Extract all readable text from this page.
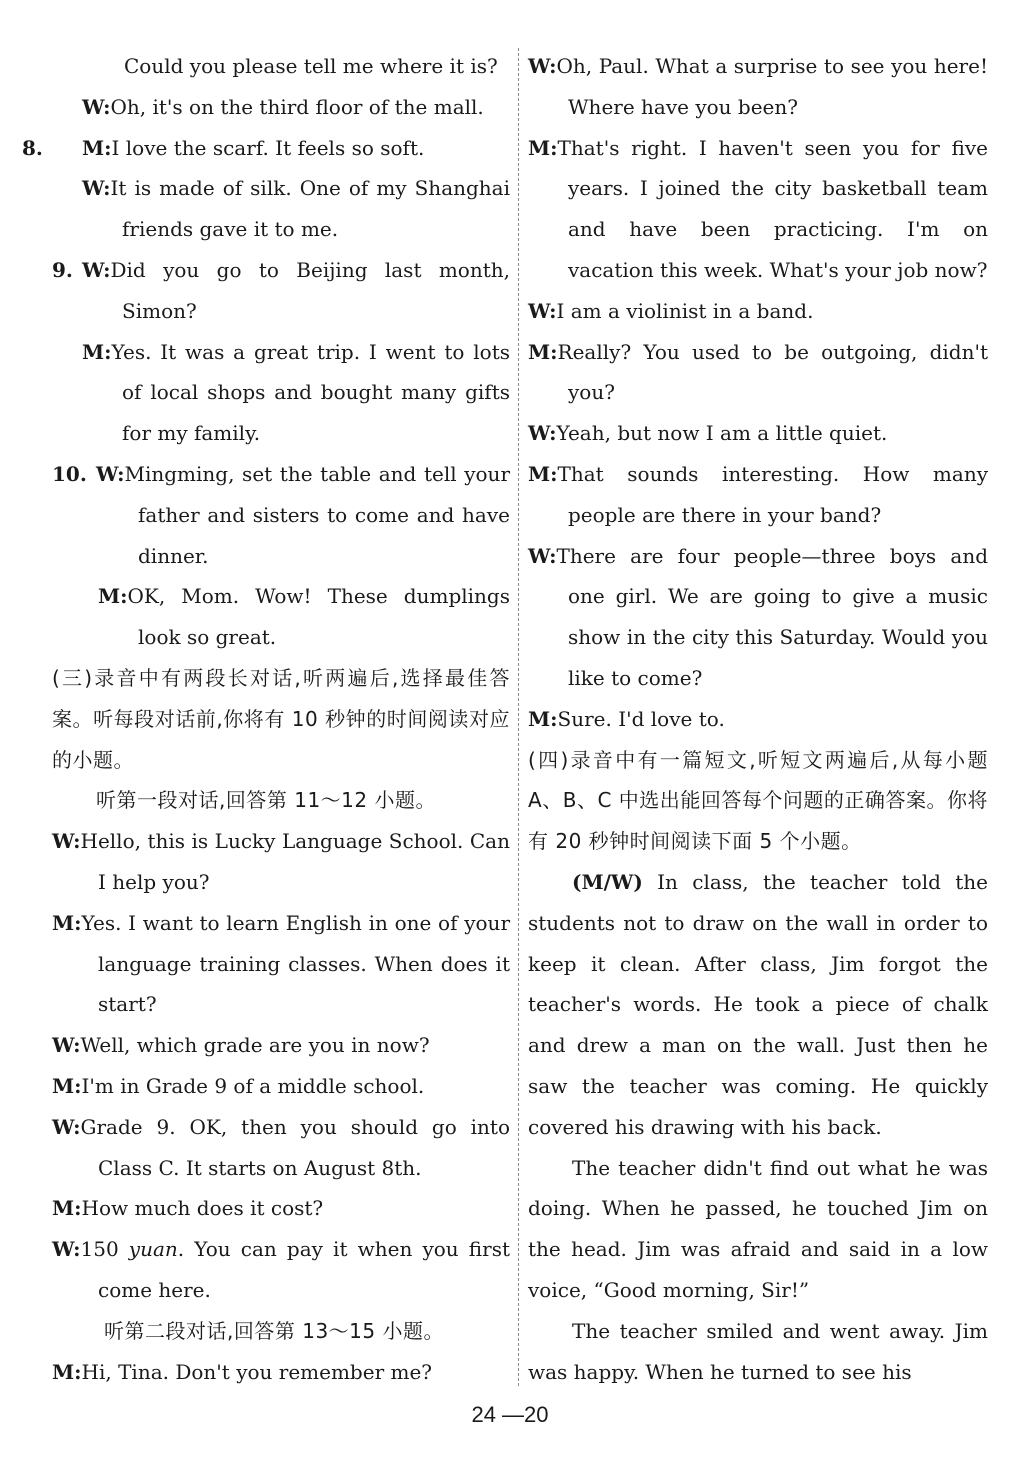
Could you please tell me where it is?

W:Oh, it's on the third floor of the mall.

8. M:I love the scarf. It feels so soft.

W:It is made of silk. One of my Shanghai friends gave it to me.

9. W:Did you go to Beijing last month, Simon?

M:Yes. It was a great trip. I went to lots of local shops and bought many gifts for my family.

10. W:Mingming, set the table and tell your father and sisters to come and have dinner.

M:OK, Mom. Wow! These dumplings look so great.

(三)录音中有两段长对话,听两遍后,选择最佳答案。听每段对话前,你将有 10 秒钟的时间阅读对应的小题。

听第一段对话,回答第 11～12 小题。

W:Hello, this is Lucky Language School. Can I help you?

M:Yes. I want to learn English in one of your language training classes. When does it start?

W:Well, which grade are you in now?

M:I'm in Grade 9 of a middle school.

W:Grade 9. OK, then you should go into Class C. It starts on August 8th.

M:How much does it cost?

W:150 yuan. You can pay it when you first come here.

听第二段对话,回答第 13～15 小题。

M:Hi, Tina. Don't you remember me?

W:Oh, Paul. What a surprise to see you here! Where have you been?

M:That's right. I haven't seen you for five years. I joined the city basketball team and have been practicing. I'm on vacation this week. What's your job now?

W:I am a violinist in a band.

M:Really? You used to be outgoing, didn't you?

W:Yeah, but now I am a little quiet.

M:That sounds interesting. How many people are there in your band?

W:There are four people—three boys and one girl. We are going to give a music show in the city this Saturday. Would you like to come?

M:Sure. I'd love to.

(四)录音中有一篇短文,听短文两遍后,从每小题 A、B、C 中选出能回答每个问题的正确答案。你将有 20 秒钟时间阅读下面 5 个小题。

(M/W) In class, the teacher told the students not to draw on the wall in order to keep it clean. After class, Jim forgot the teacher's words. He took a piece of chalk and drew a man on the wall. Just then he saw the teacher was coming. He quickly covered his drawing with his back.

The teacher didn't find out what he was doing. When he passed, he touched Jim on the head. Jim was afraid and said in a low voice, “Good morning, Sir!”

The teacher smiled and went away. Jim was happy. When he turned to see his

24 —20
